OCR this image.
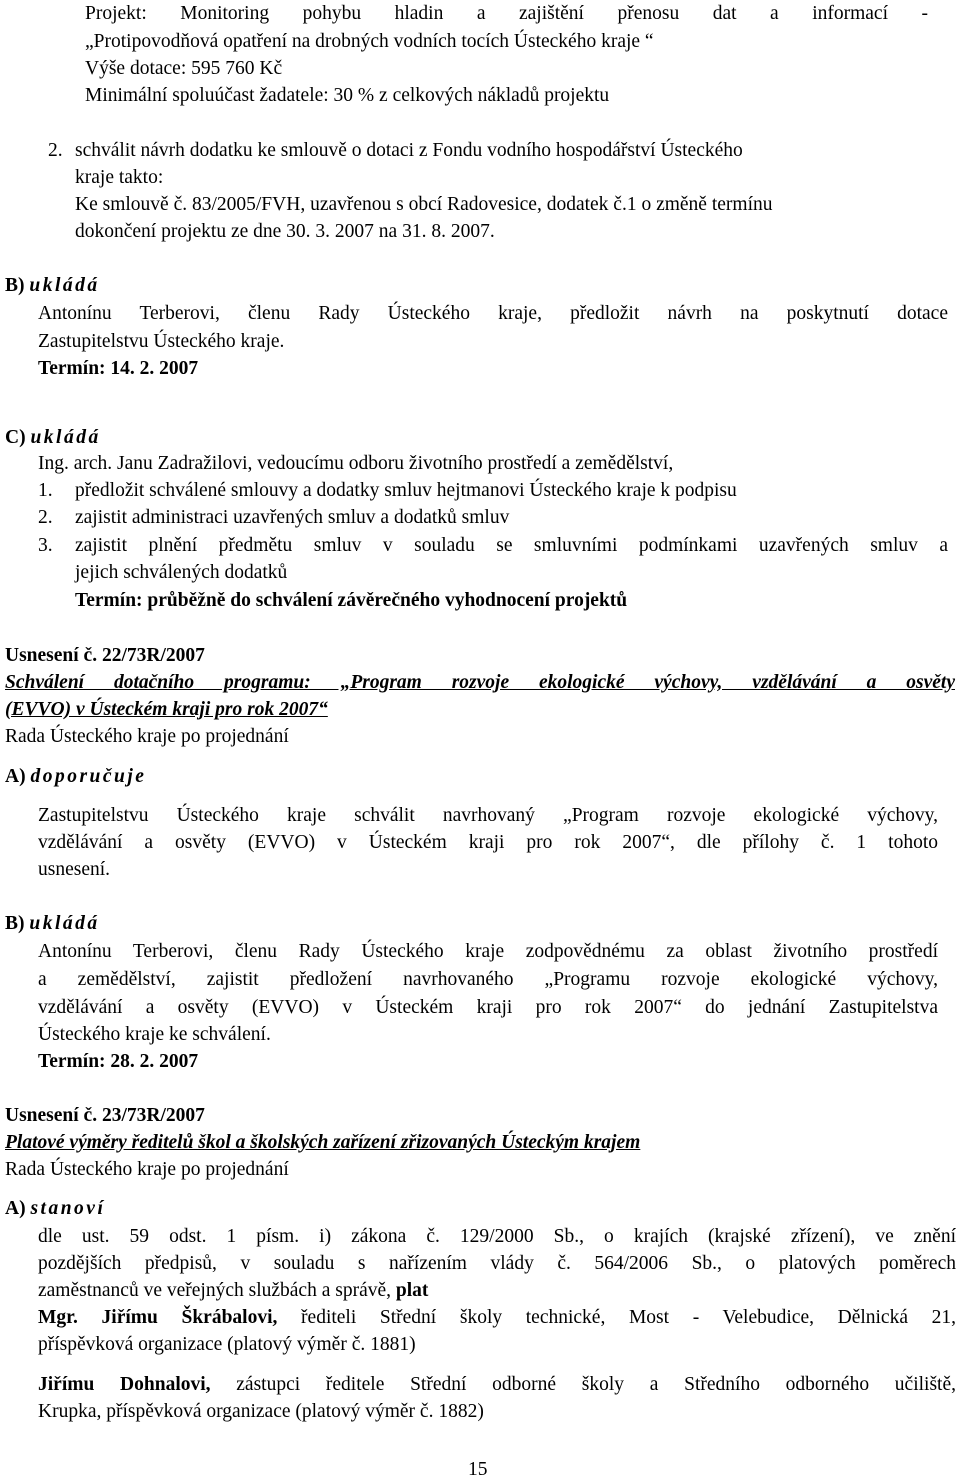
Projekt: Monitoring pohybu hladin a zajištění přenosu dat a informací -
„Protipovodňová opatření na drobných vodních tocích Ústeckého kraje “
Výše dotace: 595 760 Kč
Minimální spoluúčast žadatele: 30 % z celkových nákladů projektu
2. schválit návrh dodatku ke smlouvě o dotaci z Fondu vodního hospodářství Ústeckého
kraje takto:
Ke smlouvě č. 83/2005/FVH, uzavřenou s obcí Radovesice, dodatek č.1 o změně termínu
dokončení projektu ze dne 30. 3. 2007 na 31. 8. 2007.
B) ukládá
Antonínu Terberovi, členu Rady Ústeckého kraje, předložit návrh na poskytnutí dotace
Zastupitelstvu Ústeckého kraje.
Termín: 14. 2. 2007
C) ukládá
Ing. arch. Janu Zadražilovi, vedoucímu odboru životního prostředí a zemědělství,
1. předložit schválené smlouvy a dodatky smluv hejtmanovi Ústeckého kraje k podpisu
2. zajistit administraci uzavřených smluv a dodatků smluv
3. zajistit plnění předmětu smluv v souladu se smluvními podmínkami uzavřených smluv a
jejich schválených dodatků
Termín: průběžně do schválení závěrečného vyhodnocení projektů
Usnesení č. 22/73R/2007
Schválení dotačního programu: „Program rozvoje ekologické výchovy, vzdělávání a osvěty
(EVVO) v Ústeckém kraji pro rok 2007“
Rada Ústeckého kraje po projednání
A) doporučuje
Zastupitelstvu Ústeckého kraje schválit navrhovaný „Program rozvoje ekologické výchovy,
vzdělávání a osvěty (EVVO) v Ústeckém kraji pro rok 2007“, dle přílohy č. 1 tohoto
usnesení.
B) ukládá
Antonínu Terberovi, členu Rady Ústeckého kraje zodpovědnému za oblast životního prostředí
a zemědělství, zajistit předložení navrhovaného „Programu rozvoje ekologické výchovy,
vzdělávání a osvěty (EVVO) v Ústeckém kraji pro rok 2007“ do jednání Zastupitelstva
Ústeckého kraje ke schválení.
Termín: 28. 2. 2007
Usnesení č. 23/73R/2007
Platové výměry ředitelů škol a školských zařízení zřizovaných Ústeckým krajem
Rada Ústeckého kraje po projednání
A) stanoví
dle ust. 59 odst. 1 písm. i) zákona č. 129/2000 Sb., o krajích (krajské zřízení), ve znění
pozdějších předpisů, v souladu s nařízením vlády č. 564/2006 Sb., o platových poměrech
zaměstnanců ve veřejných službách a správě, plat
Mgr. Jiřímu Škrábalovi, řediteli Střední školy technické, Most - Velebudice, Dělnická 21,
příspěvková organizace (platový výměr č. 1881)
Jiřímu Dohnalovi, zástupci ředitele Střední odborné školy a Středního odborného učiliště,
Krupka, příspěvková organizace (platový výměr č. 1882)
15
